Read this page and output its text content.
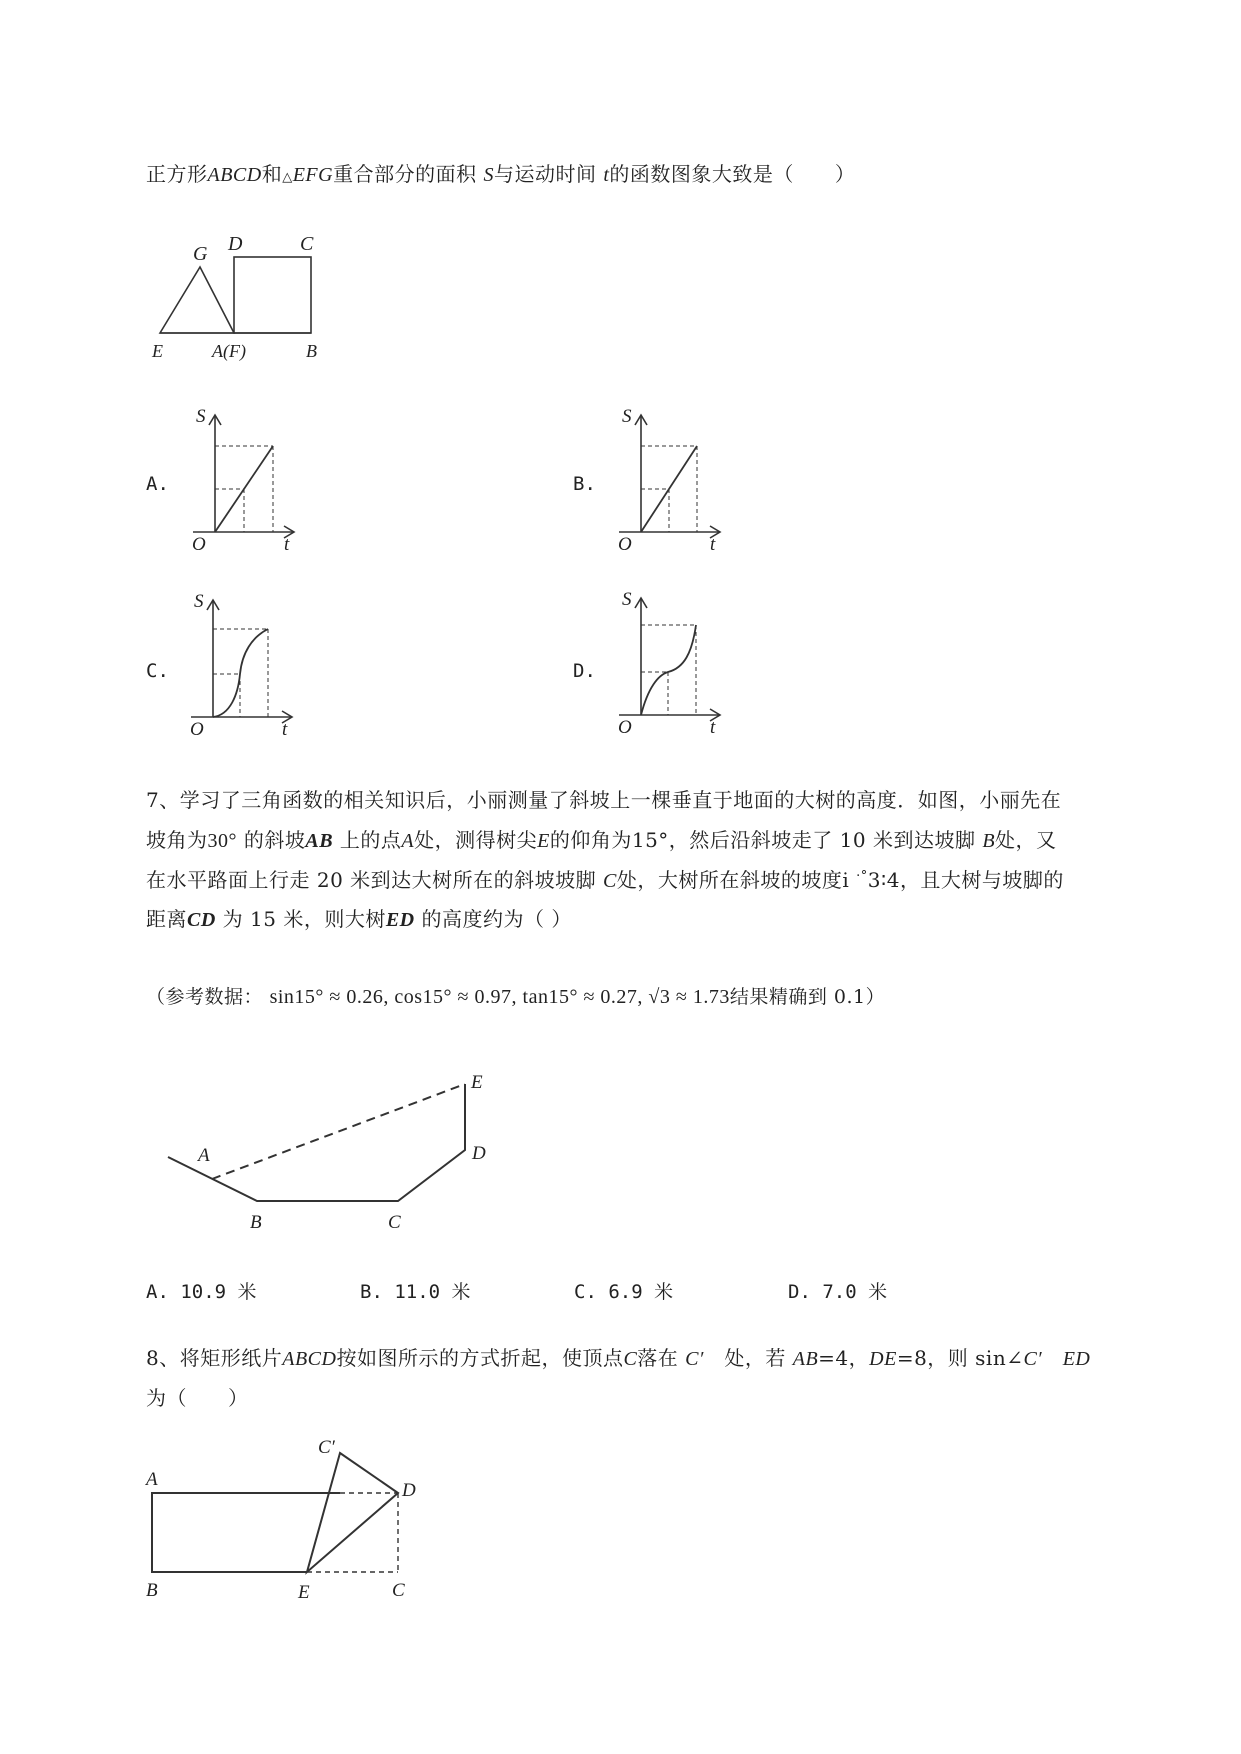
正方形ABCD和△EFG重合部分的面积 S与运动时间 t的函数图象大致是（　　）
G D	C
E	A(F)	B
A.
S
O	t
B.
S
O	t
C.
S
O	t
D.
S
O	t
7、学习了三角函数的相关知识后，小丽测量了斜坡上一棵垂直于地面的大树的高度．如图，小丽先在
坡角为30° 的斜坡AB 上的点A处，测得树尖E的仰角为15°，然后沿斜坡走了 10 米到达坡脚 B处，又
在水平路面上行走 20 米到达大树所在的斜坡坡脚 C处，大树所在斜坡的坡度i ·°3∶4，且大树与坡脚的
距离CD 为 15 米，则大树ED 的高度约为（ ）
（参考数据： sin15° ≈ 0.26, cos15° ≈ 0.97, tan15° ≈ 0.27, √3 ≈ 1.73结果精确到 0.1）
A
B	C
D
E
A. 10.9 米	B. 11.0 米	C. 6.9 米	D. 7.0 米
8、将矩形纸片ABCD按如图所示的方式折起，使顶点C落在 C′　 处，若 AB=4，DE=8，则 sin∠C′　 ED
为（　　）
A
B
C′
D
E	C
